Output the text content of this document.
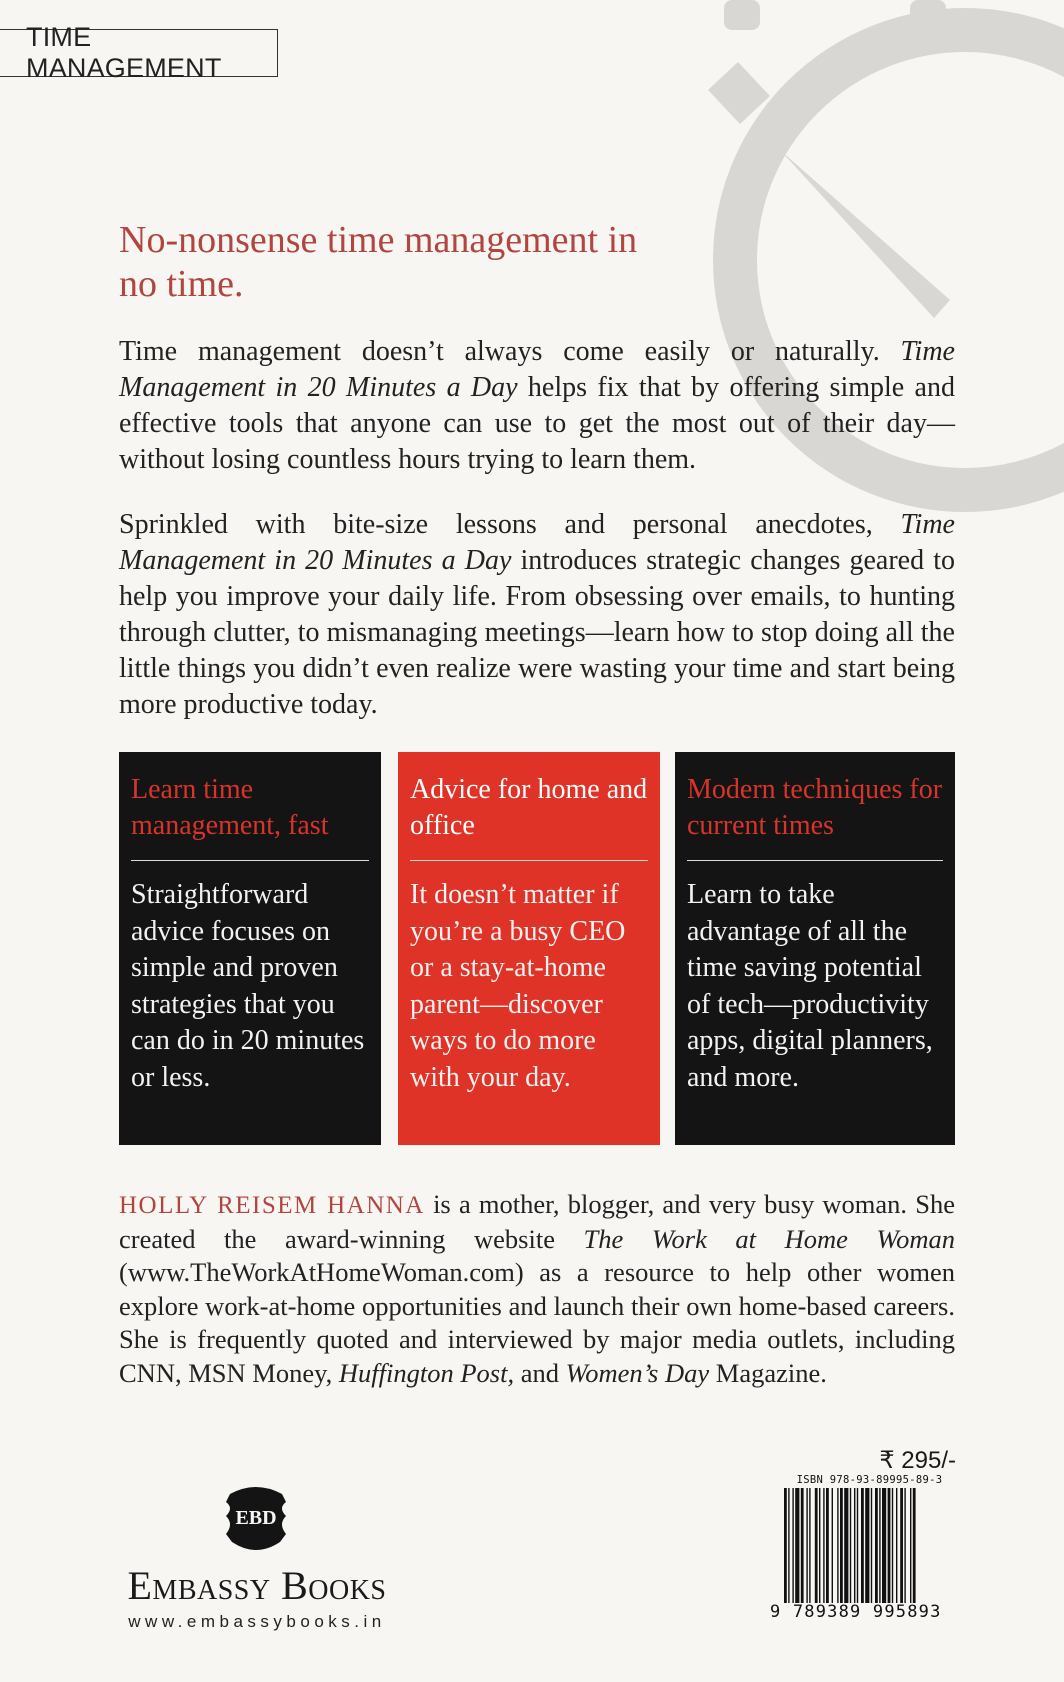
TIME MANAGEMENT
No-nonsense time management in no time.

Time management doesn’t always come easily or naturally. Time Management in 20 Minutes a Day helps fix that by offering simple and effective tools that anyone can use to get the most out of their day—without losing countless hours trying to learn them.

Sprinkled with bite-size lessons and personal anecdotes, Time Management in 20 Minutes a Day introduces strategic changes geared to help you improve your daily life. From obsessing over emails, to hunting through clutter, to mismanaging meetings—learn how to stop doing all the little things you didn’t even realize were wasting your time and start being more productive today.

Learn time management, fast

Straightforward advice focuses on simple and proven strategies that you can do in 20 minutes or less.

Advice for home and office

It doesn’t matter if you’re a busy CEO or a stay-at-home parent—discover ways to do more with your day.

Modern techniques for current times

Learn to take advantage of all the time saving potential of tech—productivity apps, digital planners, and more.

HOLLY REISEM HANNA is a mother, blogger, and very busy woman. She created the award-winning website The Work at Home Woman (www.TheWorkAtHomeWoman.com) as a resource to help other women explore work-at-home opportunities and launch their own home-based careers. She is frequently quoted and interviewed by major media outlets, including CNN, MSN Money, Huffington Post, and Women’s Day Magazine.

EBD
Embassy Books
www.embassybooks.in
₹ 295/-
ISBN 978-93-89995-89-3
9 789389 995893
